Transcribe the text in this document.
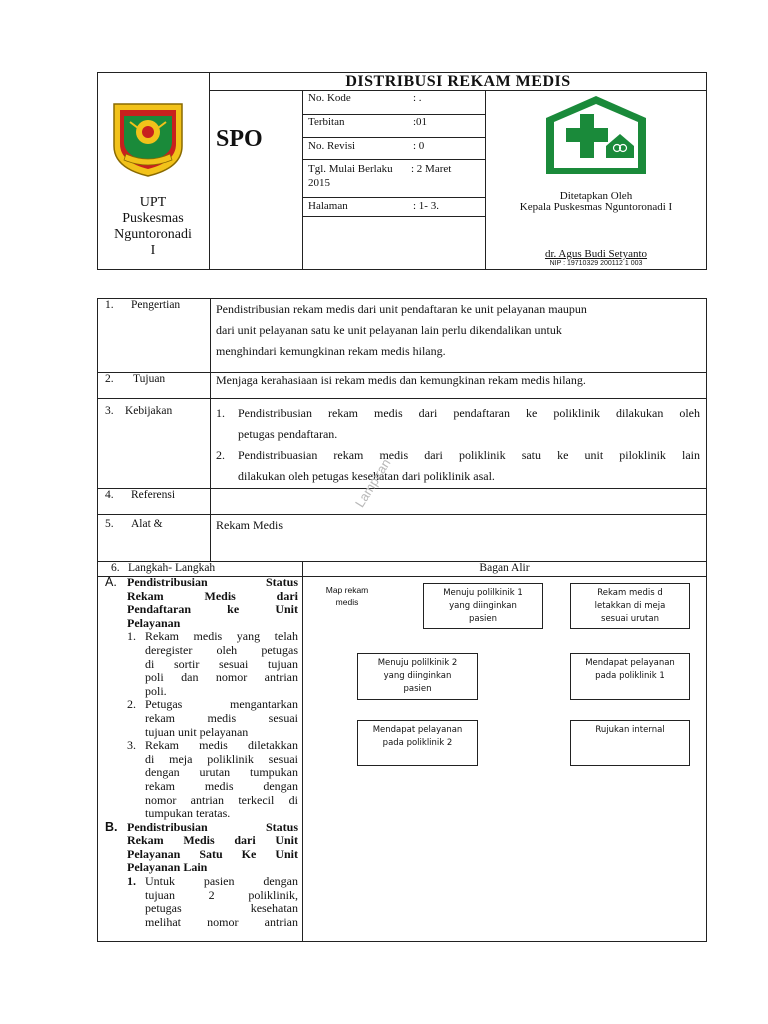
DISTRIBUSI REKAM MEDIS
UPT
Puskesmas
Nguntoronadi
I
SPO
No. Kode	: .
Terbitan	:01
No. Revisi	: 0
Tgl. Mulai Berlaku : 2 Maret
2015
Halaman	: 1- 3.
Ditetapkan Oleh
Kepala Puskesmas Nguntoronadi I
dr. Agus Budi Setyanto
NIP : 19710329 200112 1 003
1. Pengertian	Pendistribusian rekam medis dari unit pendaftaran ke unit pelayanan maupun
dari unit pelayanan satu ke unit pelayanan lain perlu dikendalikan untuk
menghindari kemungkinan rekam medis hilang.
2. Tujuan	Menjaga kerahasiaan isi rekam medis dan kemungkinan rekam medis hilang.
3. Kebijakan	1. Pendistribusian rekam medis dari pendaftaran ke poliklinik dilakukan oleh
petugas pendaftaran.
2. Pendistribuasian rekam medis dari poliklinik satu ke unit piloklinik lain
dilakukan oleh petugas kesehatan dari poliklinik asal.
4. Referensi
5. Alat &	Rekam Medis
Lampiran
6. Langkah- Langkah	Bagan Alir
A. Pendistribusian Status
Rekam Medis dari
Pendaftaran ke Unit
Pelayanan
1. Rekam medis yang telah
deregister oleh petugas
di sortir sesuai tujuan
poli dan nomor antrian
poli.
2. Petugas mengantarkan
rekam medis sesuai
tujuan unit pelayanan
3. Rekam medis diletakkan
di meja poliklinik sesuai
dengan urutan tumpukan
rekam medis dengan
nomor antrian terkecil di
tumpukan teratas.
B. Pendistribusian Status
Rekam Medis dari Unit
Pelayanan Satu Ke Unit
Pelayanan Lain
1. Untuk pasien dengan
tujuan 2 poliklinik,
petugas kesehatan
melihat nomor antrian
Map rekam
medis
Menuju polilkinik 1
yang diinginkan
pasien
Rekam medis d
letakkan di meja
sesuai urutan
Menuju polilkinik 2
yang diinginkan
pasien
Mendapat pelayanan
pada poliklinik 1
Mendapat pelayanan
pada poliklinik 2
Rujukan internal
